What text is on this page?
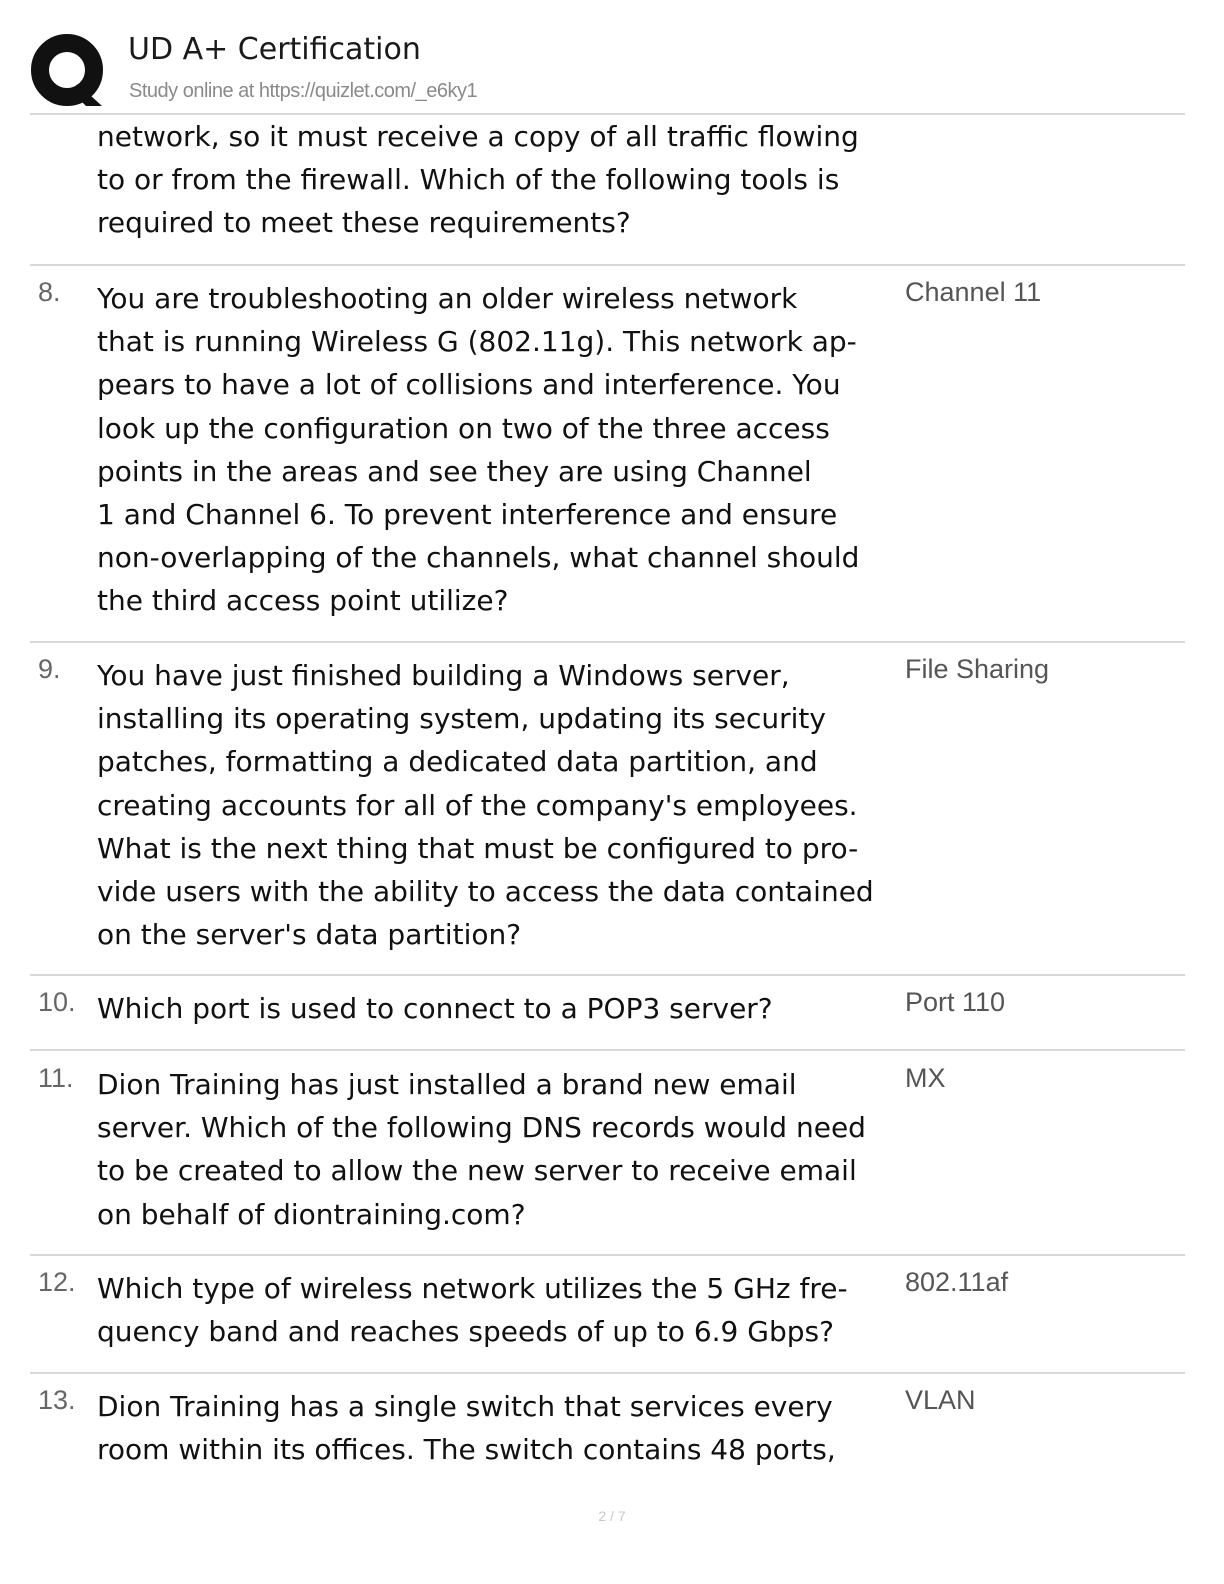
UD A+ Certification
Study online at https://quizlet.com/_e6ky1
network, so it must receive a copy of all traffic flowing
to or from the firewall. Which of the following tools is
required to meet these requirements?
8. You are troubleshooting an older wireless network
that is running Wireless G (802.11g). This network ap-
pears to have a lot of collisions and interference. You
look up the configuration on two of the three access
points in the areas and see they are using Channel
1 and Channel 6. To prevent interference and ensure
non-overlapping of the channels, what channel should
the third access point utilize?
Channel 11
9. You have just finished building a Windows server,
installing its operating system, updating its security
patches, formatting a dedicated data partition, and
creating accounts for all of the company's employees.
What is the next thing that must be configured to pro-
vide users with the ability to access the data contained
on the server's data partition?
File Sharing
10. Which port is used to connect to a POP3 server?	Port 110
11. Dion Training has just installed a brand new email
server. Which of the following DNS records would need
to be created to allow the new server to receive email
on behalf of diontraining.com?
MX
12. Which type of wireless network utilizes the 5 GHz fre-
quency band and reaches speeds of up to 6.9 Gbps?
802.11af
13. Dion Training has a single switch that services every
room within its offices. The switch contains 48 ports,
VLAN
2 / 7
